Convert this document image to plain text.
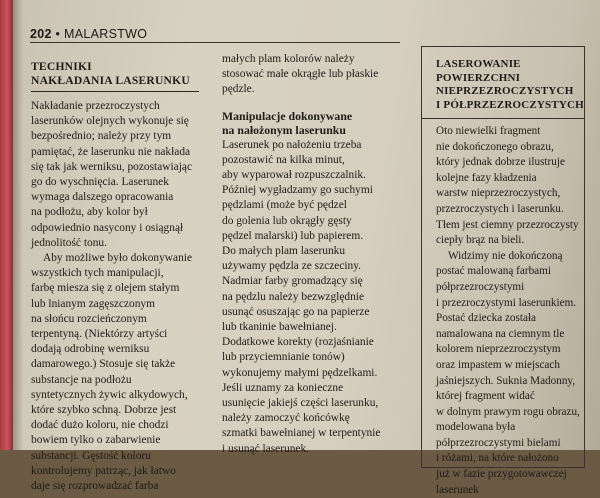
202 • MALARSTWO
TECHNIKI
NAKŁADANIA LASERUNKU
Nakładanie przezroczystych
laserunków olejnych wykonuje się
bezpośrednio; należy przy tym
pamiętać, że laserunku nie nakłada
się tak jak werniksu, pozostawiając
go do wyschnięcia. Laserunek
wymaga dalszego opracowania
na podłożu, aby kolor był
odpowiednio nasycony i osiągnął
jednolitość tonu.
Aby możliwe było dokonywanie
wszystkich tych manipulacji,
farbę miesza się z olejem stałym
lub lnianym zagęszczonym
na słońcu rozcieńczonym
terpentyną. (Niektórzy artyści
dodają odrobinę werniksu
damarowego.) Stosuje się także
substancje na podłożu
syntetycznych żywic alkydowych,
które szybko schną. Dobrze jest
dodać dużo koloru, nie chodzi
bowiem tylko o zabarwienie
substancji. Gęstość koloru
kontrolujemy patrząc, jak łatwo
daje się rozprowadzać farba
małych plam kolorów należy
stosować małe okrągłe lub płaskie
pędzle.
Manipulacje dokonywane
na nałożonym laserunku
Laserunek po nałożeniu trzeba
pozostawić na kilka minut,
aby wyparował rozpuszczalnik.
Później wygładzamy go suchymi
pędzlami (może być pędzel
do golenia lub okrągły gęsty
pędzel malarski) lub papierem.
Do małych plam laserunku
używamy pędzla ze szczeciny.
Nadmiar farby gromadzący się
na pędzlu należy bezwzględnie
usunąć osuszając go na papierze
lub tkaninie bawełnianej.
Dodatkowe korekty (rozjaśnianie
lub przyciemnianie tonów)
wykonujemy małymi pędzelkami.
Jeśli uznamy za konieczne
usunięcie jakiejś części laserunku,
należy zamoczyć końcówkę
szmatki bawełnianej w terpentynie
i usunąć laserunek.
LASEROWANIE
POWIERZCHNI
NIEPRZEZROCZYSTYCH
I PÓŁPRZEZROCZYSTYCH
Oto niewielki fragment
nie dokończonego obrazu,
który jednak dobrze ilustruje
kolejne fazy kładzenia
warstw nieprzezroczystych,
przezroczystych i laserunku.
Tłem jest ciemny przezroczysty
ciepły brąz na bieli.
Widzimy nie dokończoną
postać malowaną farbami
półprzezroczystymi
i przezroczystymi laserunkiem.
Postać dziecka została
namalowana na ciemnym tle
kolorem nieprzezroczystym
oraz impastem w miejscach
jaśniejszych. Suknia Madonny,
której fragment widać
w dolnym prawym rogu obrazu,
modelowana była
półprzezroczystymi bielami
i różami, na które nałożono
już w fazie przygotowawczej
laserunek
